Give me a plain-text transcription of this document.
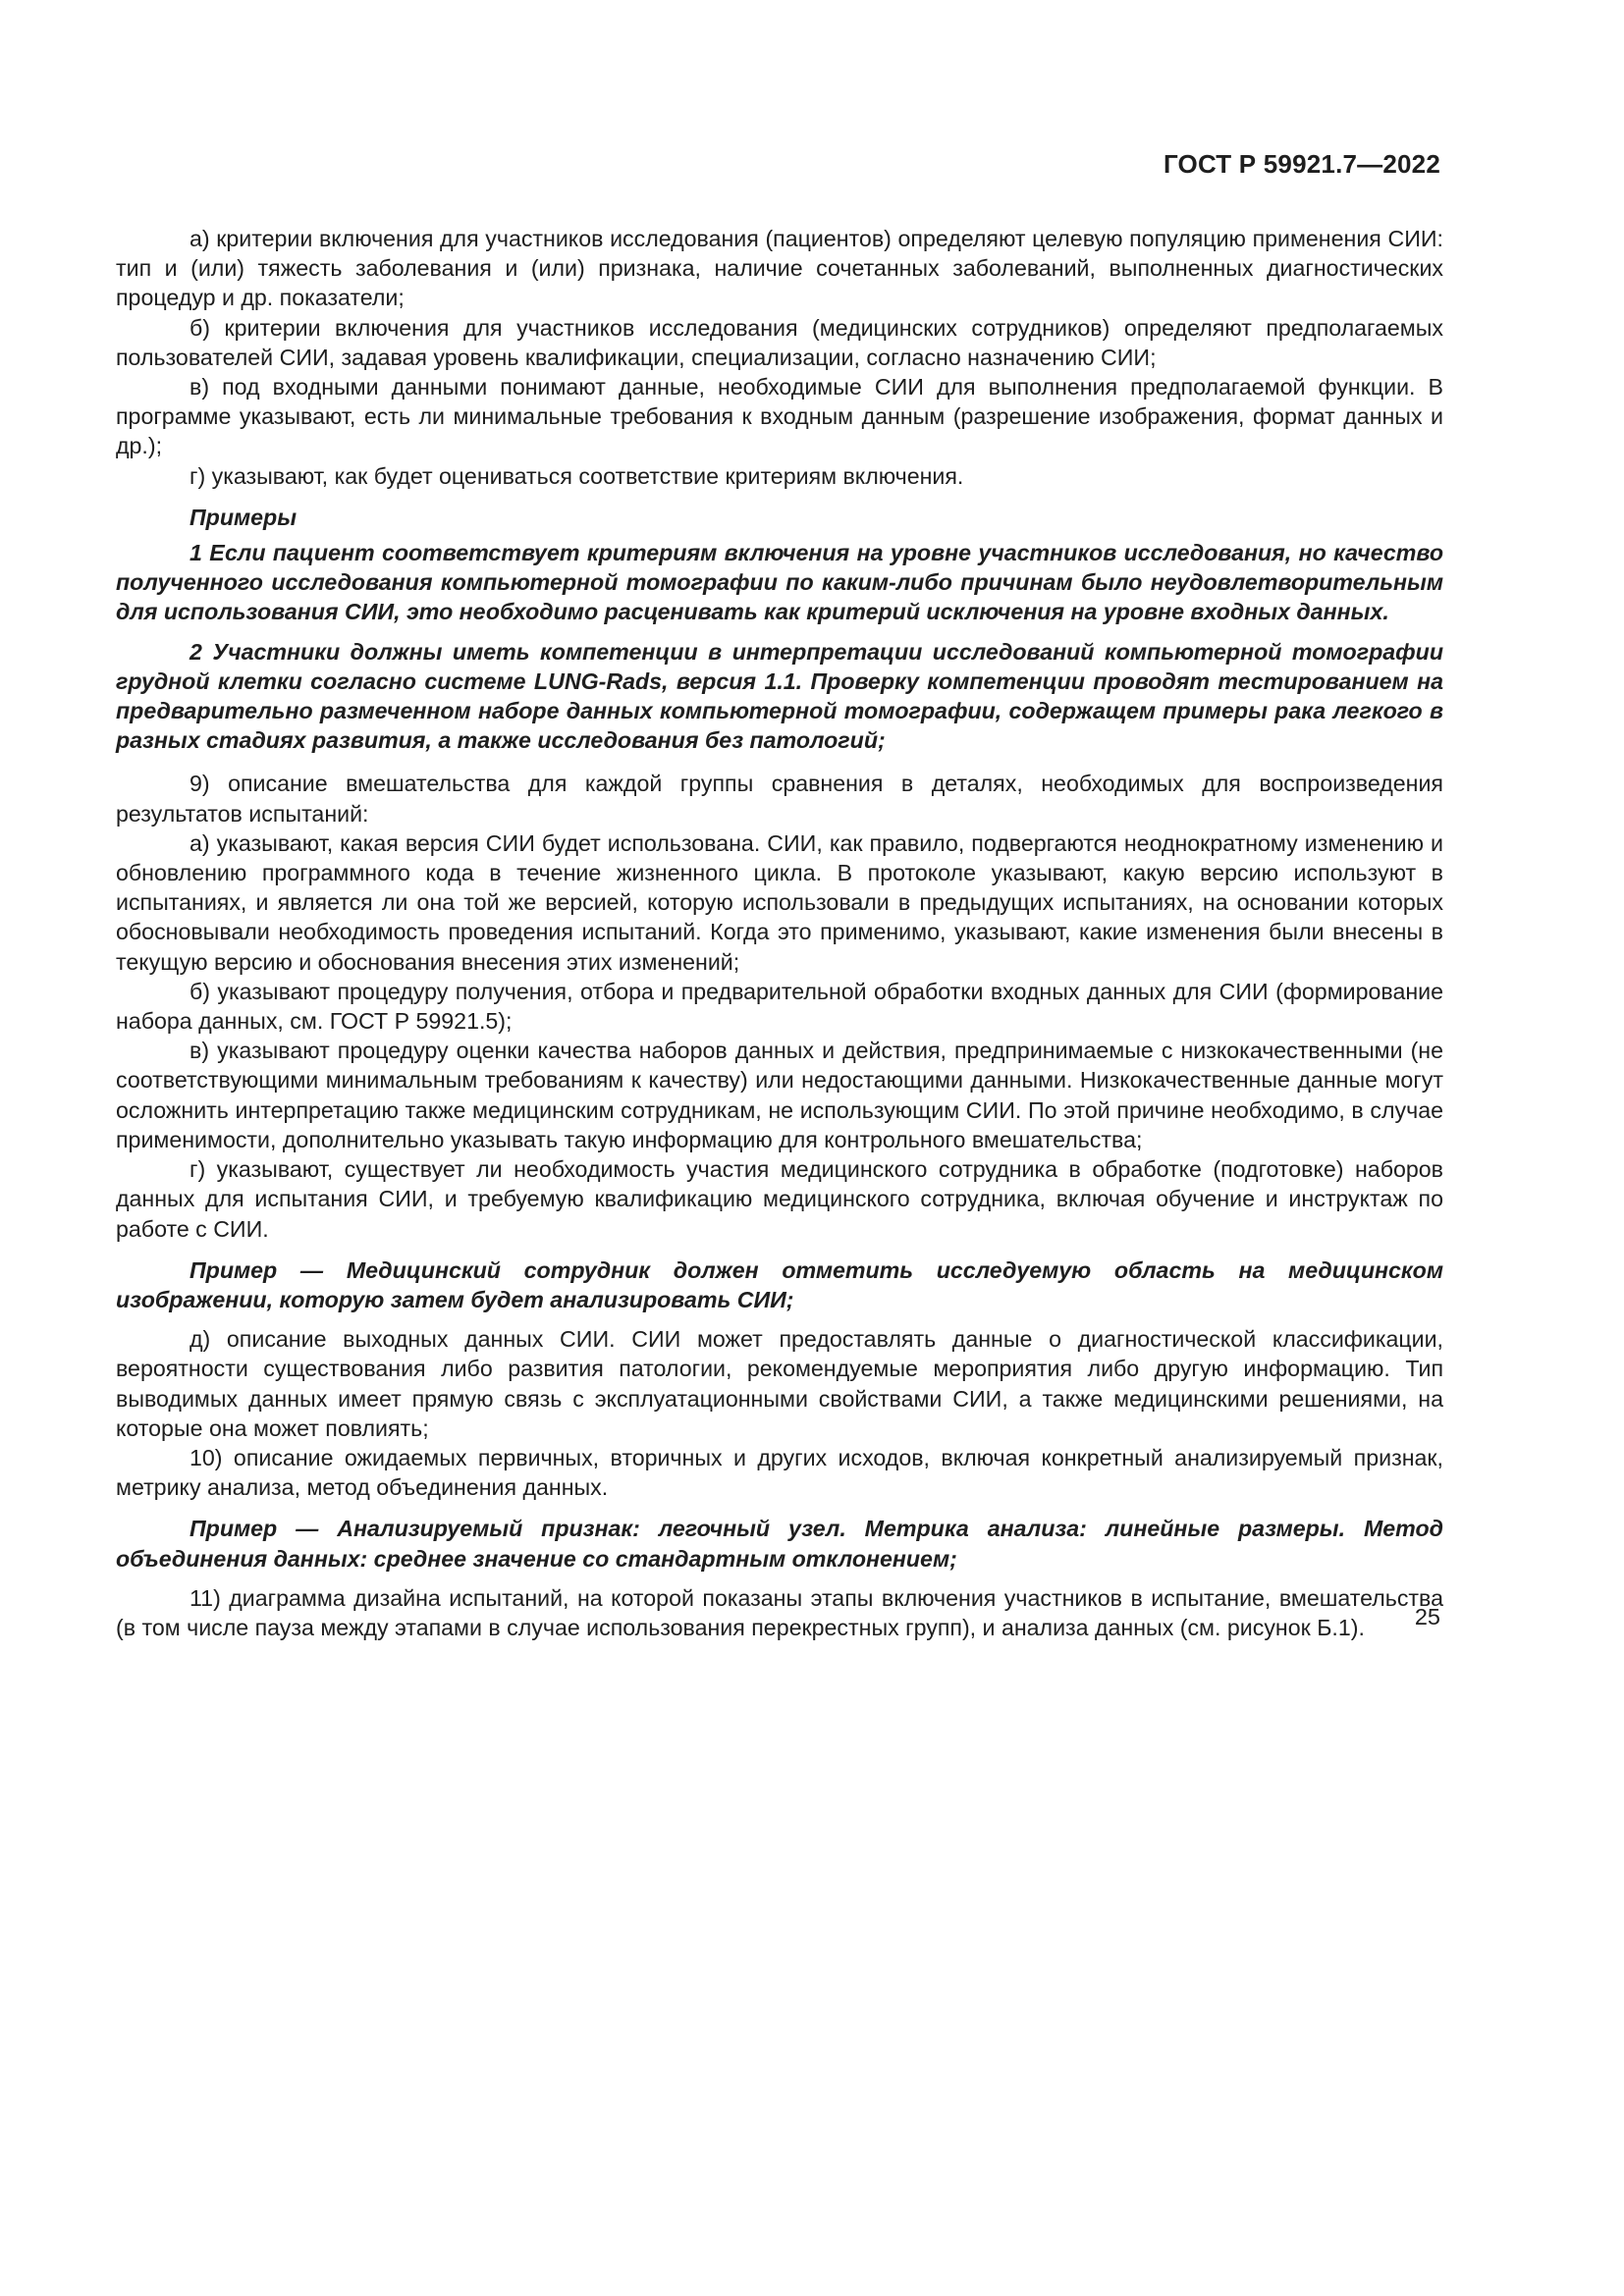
ГОСТ Р 59921.7—2022

а) критерии включения для участников исследования (пациентов) определяют целевую популяцию применения СИИ: тип и (или) тяжесть заболевания и (или) признака, наличие сочетанных заболеваний, выполненных диагностических процедур и др. показатели;

б) критерии включения для участников исследования (медицинских сотрудников) определяют предполагаемых пользователей СИИ, задавая уровень квалификации, специализации, согласно назначению СИИ;

в) под входными данными понимают данные, необходимые СИИ для выполнения предполагаемой функции. В программе указывают, есть ли минимальные требования к входным данным (разрешение изображения, формат данных и др.);

г) указывают, как будет оцениваться соответствие критериям включения.

Примеры

1 Если пациент соответствует критериям включения на уровне участников исследования, но качество полученного исследования компьютерной томографии по каким-либо причинам было неудовлетворительным для использования СИИ, это необходимо расценивать как критерий исключения на уровне входных данных.

2 Участники должны иметь компетенции в интерпретации исследований компьютерной томографии грудной клетки согласно системе LUNG-Rads, версия 1.1. Проверку компетенции проводят тестированием на предварительно размеченном наборе данных компьютерной томографии, содержащем примеры рака легкого в разных стадиях развития, а также исследования без патологий;

9) описание вмешательства для каждой группы сравнения в деталях, необходимых для воспроизведения результатов испытаний:

а) указывают, какая версия СИИ будет использована. СИИ, как правило, подвергаются неоднократному изменению и обновлению программного кода в течение жизненного цикла. В протоколе указывают, какую версию используют в испытаниях, и является ли она той же версией, которую использовали в предыдущих испытаниях, на основании которых обосновывали необходимость проведения испытаний. Когда это применимо, указывают, какие изменения были внесены в текущую версию и обоснования внесения этих изменений;

б) указывают процедуру получения, отбора и предварительной обработки входных данных для СИИ (формирование набора данных, см. ГОСТ Р 59921.5);

в) указывают процедуру оценки качества наборов данных и действия, предпринимаемые с низкокачественными (не соответствующими минимальным требованиям к качеству) или недостающими данными. Низкокачественные данные могут осложнить интерпретацию также медицинским сотрудникам, не использующим СИИ. По этой причине необходимо, в случае применимости, дополнительно указывать такую информацию для контрольного вмешательства;

г) указывают, существует ли необходимость участия медицинского сотрудника в обработке (подготовке) наборов данных для испытания СИИ, и требуемую квалификацию медицинского сотрудника, включая обучение и инструктаж по работе с СИИ.

Пример — Медицинский сотрудник должен отметить исследуемую область на медицинском изображении, которую затем будет анализировать СИИ;

д) описание выходных данных СИИ. СИИ может предоставлять данные о диагностической классификации, вероятности существования либо развития патологии, рекомендуемые мероприятия либо другую информацию. Тип выводимых данных имеет прямую связь с эксплуатационными свойствами СИИ, а также медицинскими решениями, на которые она может повлиять;

10) описание ожидаемых первичных, вторичных и других исходов, включая конкретный анализируемый признак, метрику анализа, метод объединения данных.

Пример — Анализируемый признак: легочный узел. Метрика анализа: линейные размеры. Метод объединения данных: среднее значение со стандартным отклонением;

11) диаграмма дизайна испытаний, на которой показаны этапы включения участников в испытание, вмешательства (в том числе пауза между этапами в случае использования перекрестных групп), и анализа данных (см. рисунок Б.1).	25
